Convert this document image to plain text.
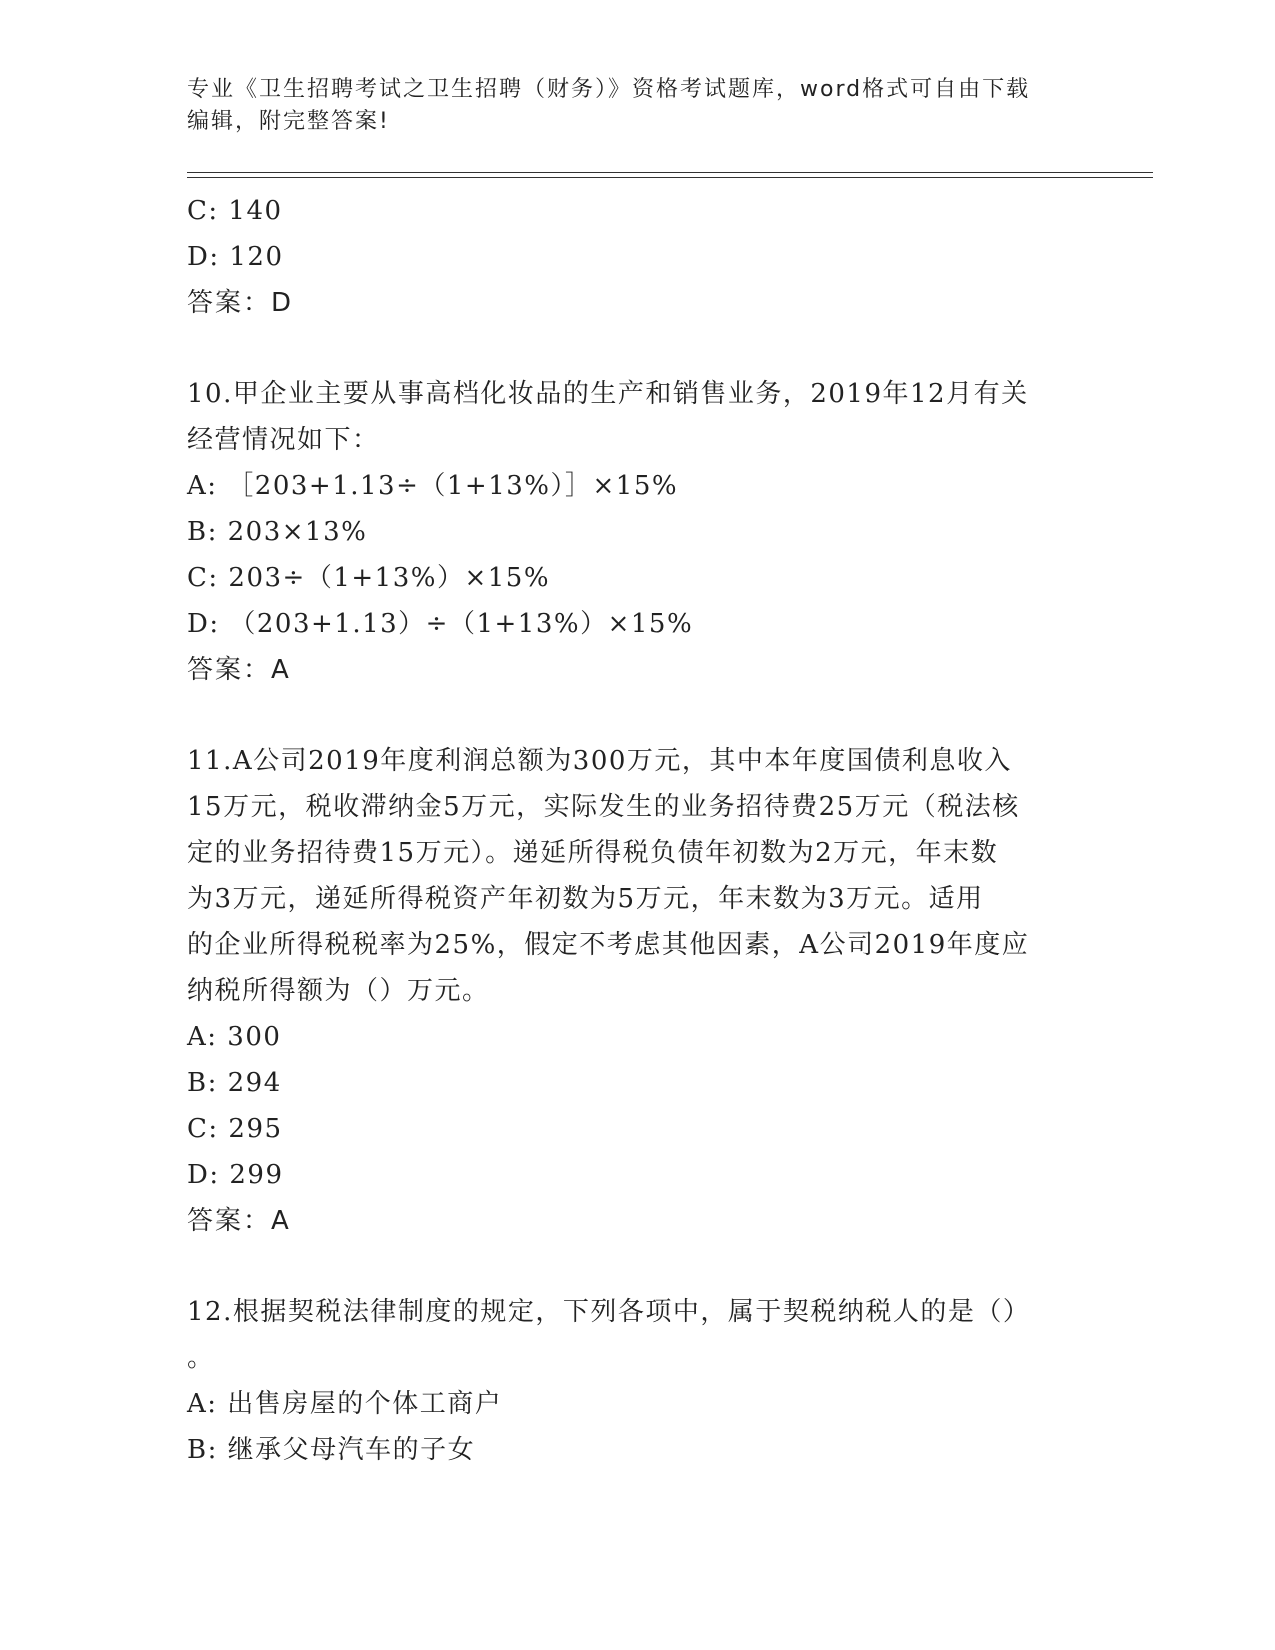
专业《卫生招聘考试之卫生招聘（财务）》资格考试题库，word格式可自由下载
编辑，附完整答案!
C: 140
D: 120
答案：D
10.甲企业主要从事高档化妆品的生产和销售业务，2019年12月有关
经营情况如下：
A: ［203+1.13÷（1+13%）］×15%
B: 203×13%
C: 203÷（1+13%）×15%
D: （203+1.13）÷（1+13%）×15%
答案：A
11.A公司2019年度利润总额为300万元，其中本年度国债利息收入
15万元，税收滞纳金5万元，实际发生的业务招待费25万元（税法核
定的业务招待费15万元）。递延所得税负债年初数为2万元，年末数
为3万元，递延所得税资产年初数为5万元，年末数为3万元。适用
的企业所得税税率为25%，假定不考虑其他因素，A公司2019年度应
纳税所得额为（）万元。
A: 300
B: 294
C: 295
D: 299
答案：A
12.根据契税法律制度的规定，下列各项中，属于契税纳税人的是（）
。
A: 出售房屋的个体工商户
B: 继承父母汽车的子女
